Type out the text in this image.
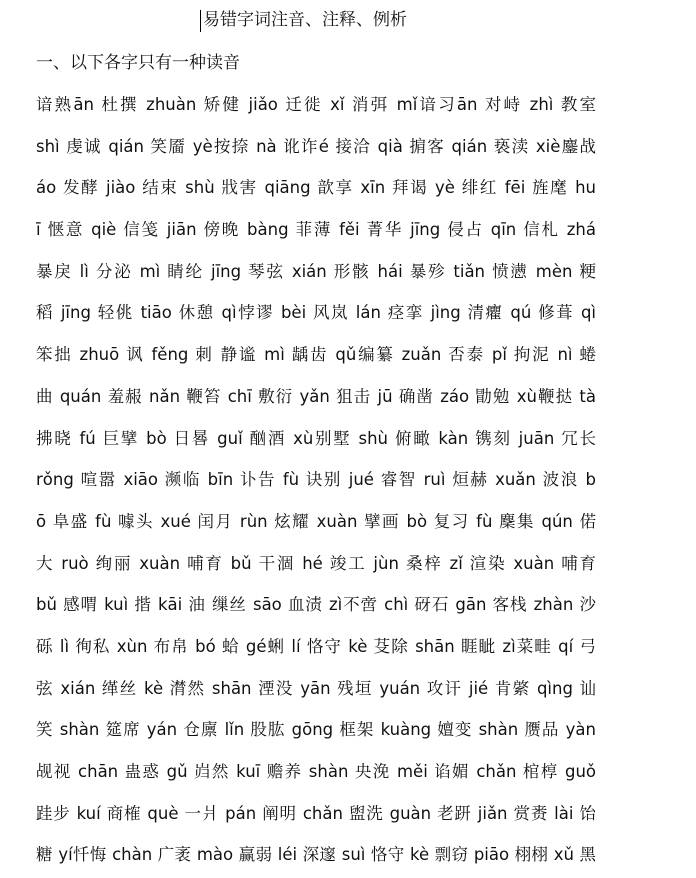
易错字词注音、注释、例析
一、以下各字只有一种读音
谙熟ān 杜撰 zhuàn 矫健 jiǎo 迁徙 xǐ 消弭 mǐ谙习ān 对峙 zhì 教室
shì 虔诚 qián 笑靥 yè按捺 nà 讹诈é 接洽 qià 掮客 qián 亵渎 xiè鏖战
áo 发酵 jiào 结束 shù 戕害 qiāng 歆享 xīn 拜谒 yè 绯红 fēi 旌麾 hu
ī 惬意 qiè 信笺 jiān 傍晚 bàng 菲薄 fěi 菁华 jīng 侵占 qīn 信札 zhá
暴戾 lì 分泌 mì 睛纶 jīng 琴弦 xián 形骸 hái 暴殄 tiǎn 愤懑 mèn 粳
稻 jīng 轻佻 tiāo 休憩 qì悖谬 bèi 风岚 lán 痉挛 jìng 清癯 qú 修葺 qì
笨拙 zhuō 讽 fěng 刺 静谧 mì 龋齿 qǔ编纂 zuǎn 否泰 pǐ 拘泥 nì 蜷
曲 quán 羞赧 nǎn 鞭笞 chī 敷衍 yǎn 狙击 jū 确凿 záo 勖勉 xù鞭挞 tà
拂晓 fú 巨擘 bò 日晷 guǐ 酗酒 xù别墅 shù 俯瞰 kàn 镌刻 juān 冗长
rǒng 喧嚣 xiāo 濒临 bīn 讣告 fù 诀别 jué 睿智 ruì 烜赫 xuǎn 波浪 b
ō 阜盛 fù 噱头 xué 闰月 rùn 炫耀 xuàn 擘画 bò 复习 fù 麇集 qún 偌
大 ruò 绚丽 xuàn 哺育 bǔ 干涸 hé 竣工 jùn 桑梓 zǐ 渲染 xuàn 哺育
bǔ 感喟 kuì 揩 kāi 油 缫丝 sāo 血渍 zì不啻 chì 砑石 gān 客栈 zhàn 沙
砾 lì 徇私 xùn 布帛 bó 蛤 gé蜊 lí 恪守 kè 芟除 shān 睚眦 zì菜畦 qí 弓
弦 xián 缂丝 kè 潸然 shān 湮没 yān 残垣 yuán 攻讦 jié 肯綮 qìng 讪
笑 shàn 筵席 yán 仓廪 lǐn 股肱 gōng 框架 kuàng 嬗变 shàn 赝品 yàn
觇视 chān 蛊惑 gǔ 岿然 kuī 赡养 shàn 央浼 měi 谄媚 chǎn 棺椁 guǒ
跬步 kuí 商榷 què 一爿 pán 阐明 chǎn 盥洗 guàn 老趼 jiǎn 赏赉 lài 饴
糖 yí忏悔 chàn 广袤 mào 赢弱 léi 深邃 suì 恪守 kè 剽窃 piāo 栩栩 xǔ 黑
